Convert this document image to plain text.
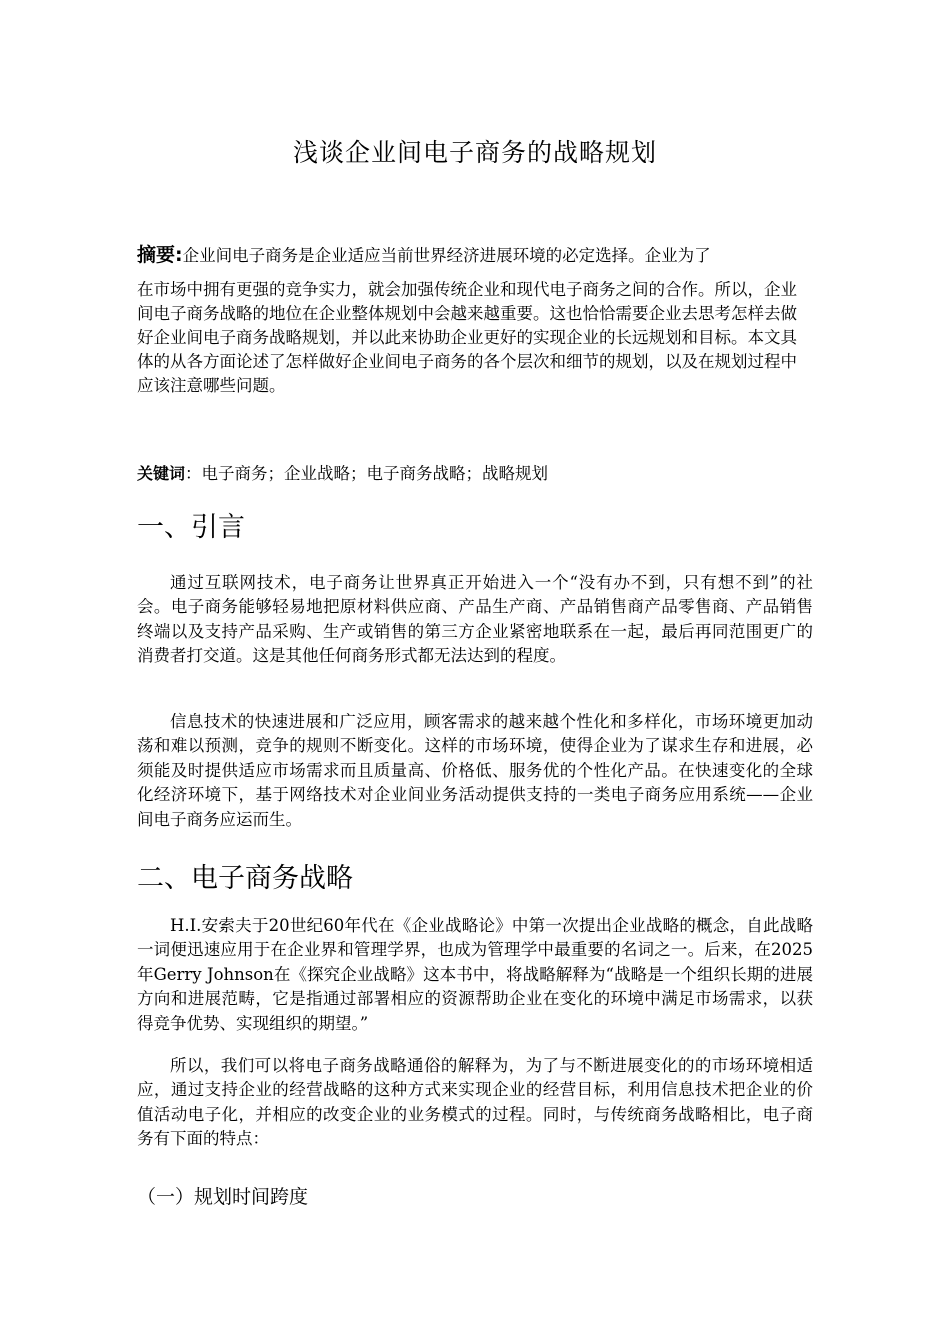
浅谈企业间电子商务的战略规划

摘要:企业间电子商务是企业适应当前世界经济进展环境的必定选择。企业为了

在市场中拥有更强的竞争实力，就会加强传统企业和现代电子商务之间的合作。所以，企业间电子商务战略的地位在企业整体规划中会越来越重要。这也恰恰需要企业去思考怎样去做好企业间电子商务战略规划，并以此来协助企业更好的实现企业的长远规划和目标。本文具体的从各方面论述了怎样做好企业间电子商务的各个层次和细节的规划，以及在规划过程中应该注意哪些问题。

关键词：电子商务；企业战略；电子商务战略；战略规划

一、引言

通过互联网技术，电子商务让世界真正开始进入一个“没有办不到，只有想不到”的社会。电子商务能够轻易地把原材料供应商、产品生产商、产品销售商产品零售商、产品销售终端以及支持产品采购、生产或销售的第三方企业紧密地联系在一起，最后再同范围更广的消费者打交道。这是其他任何商务形式都无法达到的程度。

信息技术的快速进展和广泛应用，顾客需求的越来越个性化和多样化，市场环境更加动荡和难以预测，竞争的规则不断变化。这样的市场环境，使得企业为了谋求生存和进展，必须能及时提供适应市场需求而且质量高、价格低、服务优的个性化产品。在快速变化的全球化经济环境下，基于网络技术对企业间业务活动提供支持的一类电子商务应用系统——企业间电子商务应运而生。

二、电子商务战略

H.I.安索夫于20世纪60年代在《企业战略论》中第一次提出企业战略的概念，自此战略一词便迅速应用于在企业界和管理学界，也成为管理学中最重要的名词之一。后来，在2025年Gerry Johnson在《探究企业战略》这本书中，将战略解释为“战略是一个组织长期的进展方向和进展范畴，它是指通过部署相应的资源帮助企业在变化的环境中满足市场需求，以获得竞争优势、实现组织的期望。”

所以，我们可以将电子商务战略通俗的解释为，为了与不断进展变化的的市场环境相适应，通过支持企业的经营战略的这种方式来实现企业的经营目标，利用信息技术把企业的价值活动电子化，并相应的改变企业的业务模式的过程。同时，与传统商务战略相比，电子商务有下面的特点：

（一）规划时间跨度
